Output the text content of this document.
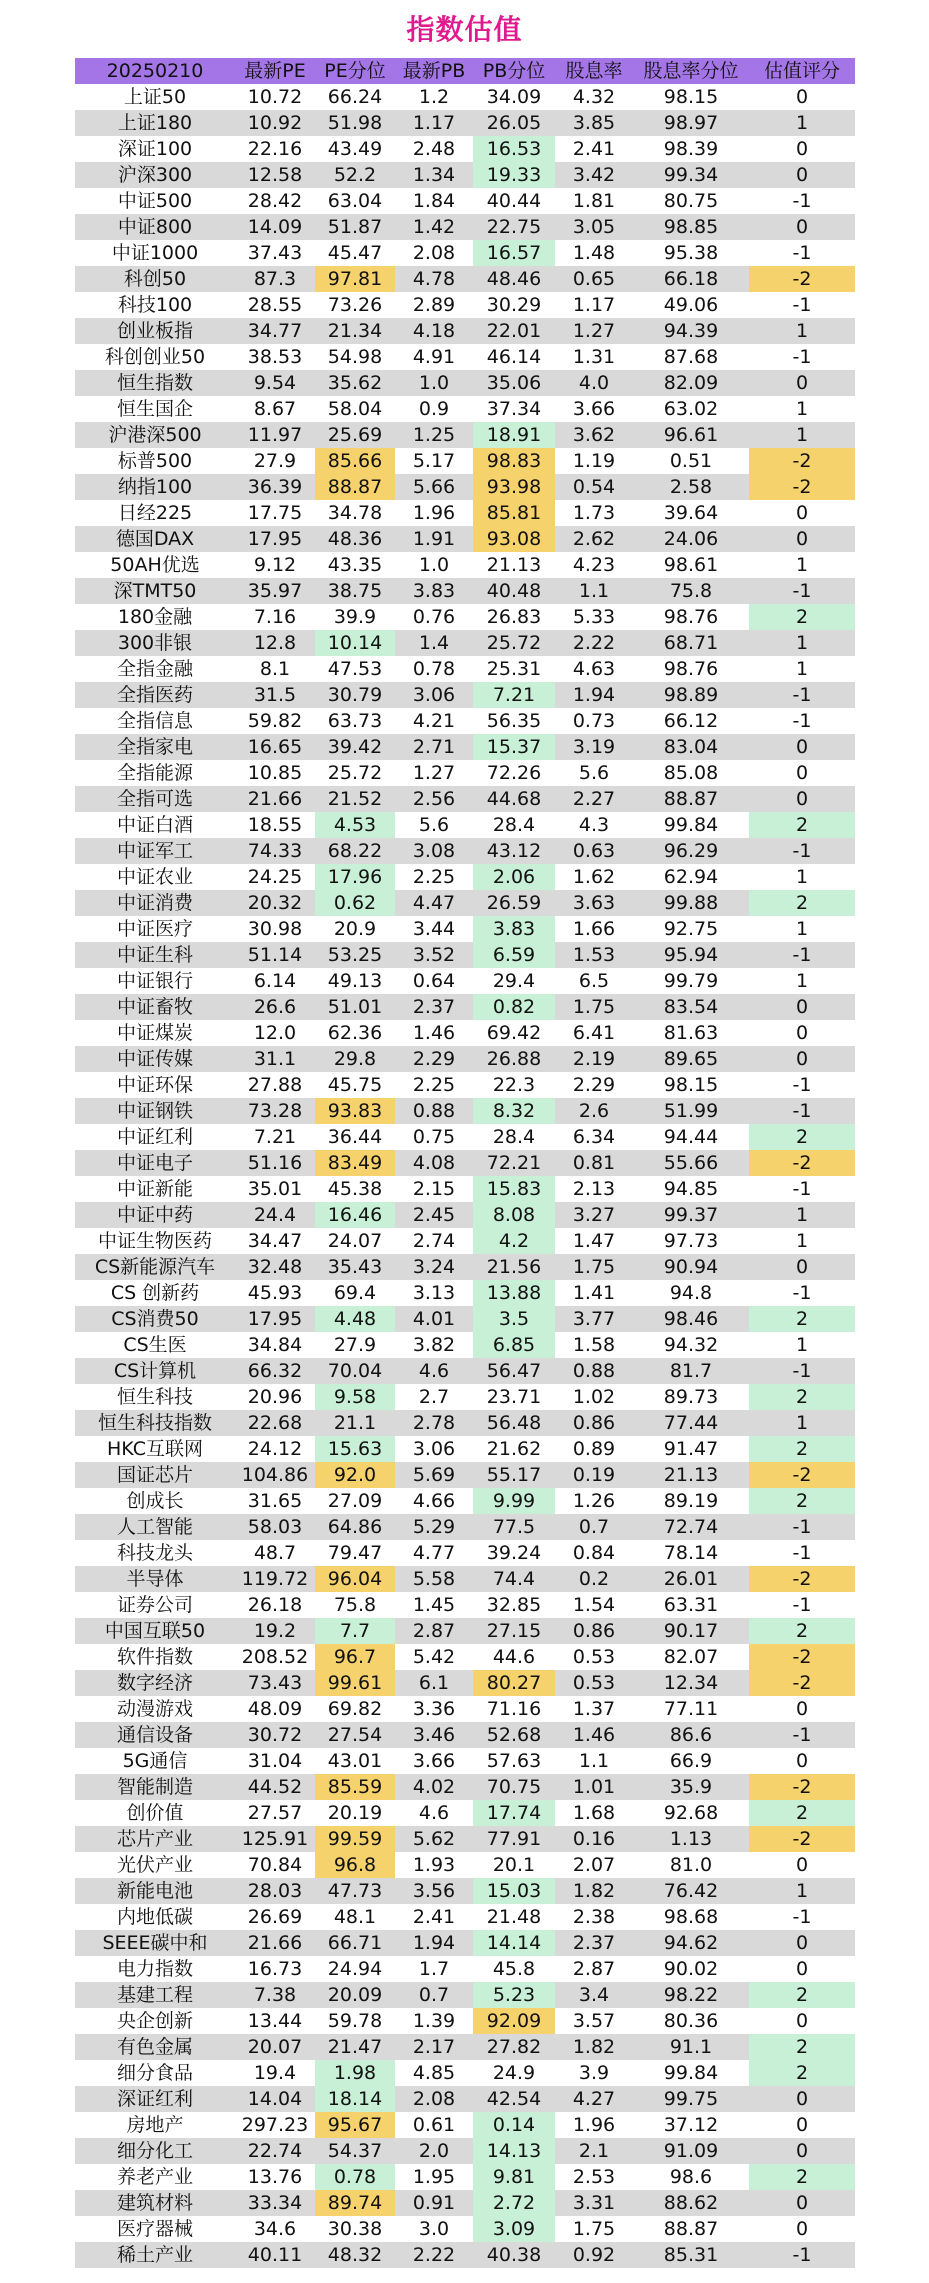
指数估值
20250210	最新PE	PE分位	最新PB	PB分位	股息率	股息率分位	估值评分
上证50	10.72	66.24	1.2	34.09	4.32	98.15	0
上证180	10.92	51.98	1.17	26.05	3.85	98.97	1
深证100	22.16	43.49	2.48	16.53	2.41	98.39	0
沪深300	12.58	52.2	1.34	19.33	3.42	99.34	0
中证500	28.42	63.04	1.84	40.44	1.81	80.75	-1
中证800	14.09	51.87	1.42	22.75	3.05	98.85	0
中证1000	37.43	45.47	2.08	16.57	1.48	95.38	-1
科创50	87.3	97.81	4.78	48.46	0.65	66.18	-2
科技100	28.55	73.26	2.89	30.29	1.17	49.06	-1
创业板指	34.77	21.34	4.18	22.01	1.27	94.39	1
科创创业50	38.53	54.98	4.91	46.14	1.31	87.68	-1
恒生指数	9.54	35.62	1.0	35.06	4.0	82.09	0
恒生国企	8.67	58.04	0.9	37.34	3.66	63.02	1
沪港深500	11.97	25.69	1.25	18.91	3.62	96.61	1
标普500	27.9	85.66	5.17	98.83	1.19	0.51	-2
纳指100	36.39	88.87	5.66	93.98	0.54	2.58	-2
日经225	17.75	34.78	1.96	85.81	1.73	39.64	0
德国DAX	17.95	48.36	1.91	93.08	2.62	24.06	0
50AH优选	9.12	43.35	1.0	21.13	4.23	98.61	1
深TMT50	35.97	38.75	3.83	40.48	1.1	75.8	-1
180金融	7.16	39.9	0.76	26.83	5.33	98.76	2
300非银	12.8	10.14	1.4	25.72	2.22	68.71	1
全指金融	8.1	47.53	0.78	25.31	4.63	98.76	1
全指医药	31.5	30.79	3.06	7.21	1.94	98.89	-1
全指信息	59.82	63.73	4.21	56.35	0.73	66.12	-1
全指家电	16.65	39.42	2.71	15.37	3.19	83.04	0
全指能源	10.85	25.72	1.27	72.26	5.6	85.08	0
全指可选	21.66	21.52	2.56	44.68	2.27	88.87	0
中证白酒	18.55	4.53	5.6	28.4	4.3	99.84	2
中证军工	74.33	68.22	3.08	43.12	0.63	96.29	-1
中证农业	24.25	17.96	2.25	2.06	1.62	62.94	1
中证消费	20.32	0.62	4.47	26.59	3.63	99.88	2
中证医疗	30.98	20.9	3.44	3.83	1.66	92.75	1
中证生科	51.14	53.25	3.52	6.59	1.53	95.94	-1
中证银行	6.14	49.13	0.64	29.4	6.5	99.79	1
中证畜牧	26.6	51.01	2.37	0.82	1.75	83.54	0
中证煤炭	12.0	62.36	1.46	69.42	6.41	81.63	0
中证传媒	31.1	29.8	2.29	26.88	2.19	89.65	0
中证环保	27.88	45.75	2.25	22.3	2.29	98.15	-1
中证钢铁	73.28	93.83	0.88	8.32	2.6	51.99	-1
中证红利	7.21	36.44	0.75	28.4	6.34	94.44	2
中证电子	51.16	83.49	4.08	72.21	0.81	55.66	-2
中证新能	35.01	45.38	2.15	15.83	2.13	94.85	-1
中证中药	24.4	16.46	2.45	8.08	3.27	99.37	1
中证生物医药	34.47	24.07	2.74	4.2	1.47	97.73	1
CS新能源汽车	32.48	35.43	3.24	21.56	1.75	90.94	0
CS 创新药	45.93	69.4	3.13	13.88	1.41	94.8	-1
CS消费50	17.95	4.48	4.01	3.5	3.77	98.46	2
CS生医	34.84	27.9	3.82	6.85	1.58	94.32	1
CS计算机	66.32	70.04	4.6	56.47	0.88	81.7	-1
恒生科技	20.96	9.58	2.7	23.71	1.02	89.73	2
恒生科技指数	22.68	21.1	2.78	56.48	0.86	77.44	1
HKC互联网	24.12	15.63	3.06	21.62	0.89	91.47	2
国证芯片	104.86	92.0	5.69	55.17	0.19	21.13	-2
创成长	31.65	27.09	4.66	9.99	1.26	89.19	2
人工智能	58.03	64.86	5.29	77.5	0.7	72.74	-1
科技龙头	48.7	79.47	4.77	39.24	0.84	78.14	-1
半导体	119.72	96.04	5.58	74.4	0.2	26.01	-2
证券公司	26.18	75.8	1.45	32.85	1.54	63.31	-1
中国互联50	19.2	7.7	2.87	27.15	0.86	90.17	2
软件指数	208.52	96.7	5.42	44.6	0.53	82.07	-2
数字经济	73.43	99.61	6.1	80.27	0.53	12.34	-2
动漫游戏	48.09	69.82	3.36	71.16	1.37	77.11	0
通信设备	30.72	27.54	3.46	52.68	1.46	86.6	-1
5G通信	31.04	43.01	3.66	57.63	1.1	66.9	0
智能制造	44.52	85.59	4.02	70.75	1.01	35.9	-2
创价值	27.57	20.19	4.6	17.74	1.68	92.68	2
芯片产业	125.91	99.59	5.62	77.91	0.16	1.13	-2
光伏产业	70.84	96.8	1.93	20.1	2.07	81.0	0
新能电池	28.03	47.73	3.56	15.03	1.82	76.42	1
内地低碳	26.69	48.1	2.41	21.48	2.38	98.68	-1
SEEE碳中和	21.66	66.71	1.94	14.14	2.37	94.62	0
电力指数	16.73	24.94	1.7	45.8	2.87	90.02	0
基建工程	7.38	20.09	0.7	5.23	3.4	98.22	2
央企创新	13.44	59.78	1.39	92.09	3.57	80.36	0
有色金属	20.07	21.47	2.17	27.82	1.82	91.1	2
细分食品	19.4	1.98	4.85	24.9	3.9	99.84	2
深证红利	14.04	18.14	2.08	42.54	4.27	99.75	0
房地产	297.23	95.67	0.61	0.14	1.96	37.12	0
细分化工	22.74	54.37	2.0	14.13	2.1	91.09	0
养老产业	13.76	0.78	1.95	9.81	2.53	98.6	2
建筑材料	33.34	89.74	0.91	2.72	3.31	88.62	0
医疗器械	34.6	30.38	3.0	3.09	1.75	88.87	0
稀土产业	40.11	48.32	2.22	40.38	0.92	85.31	-1
